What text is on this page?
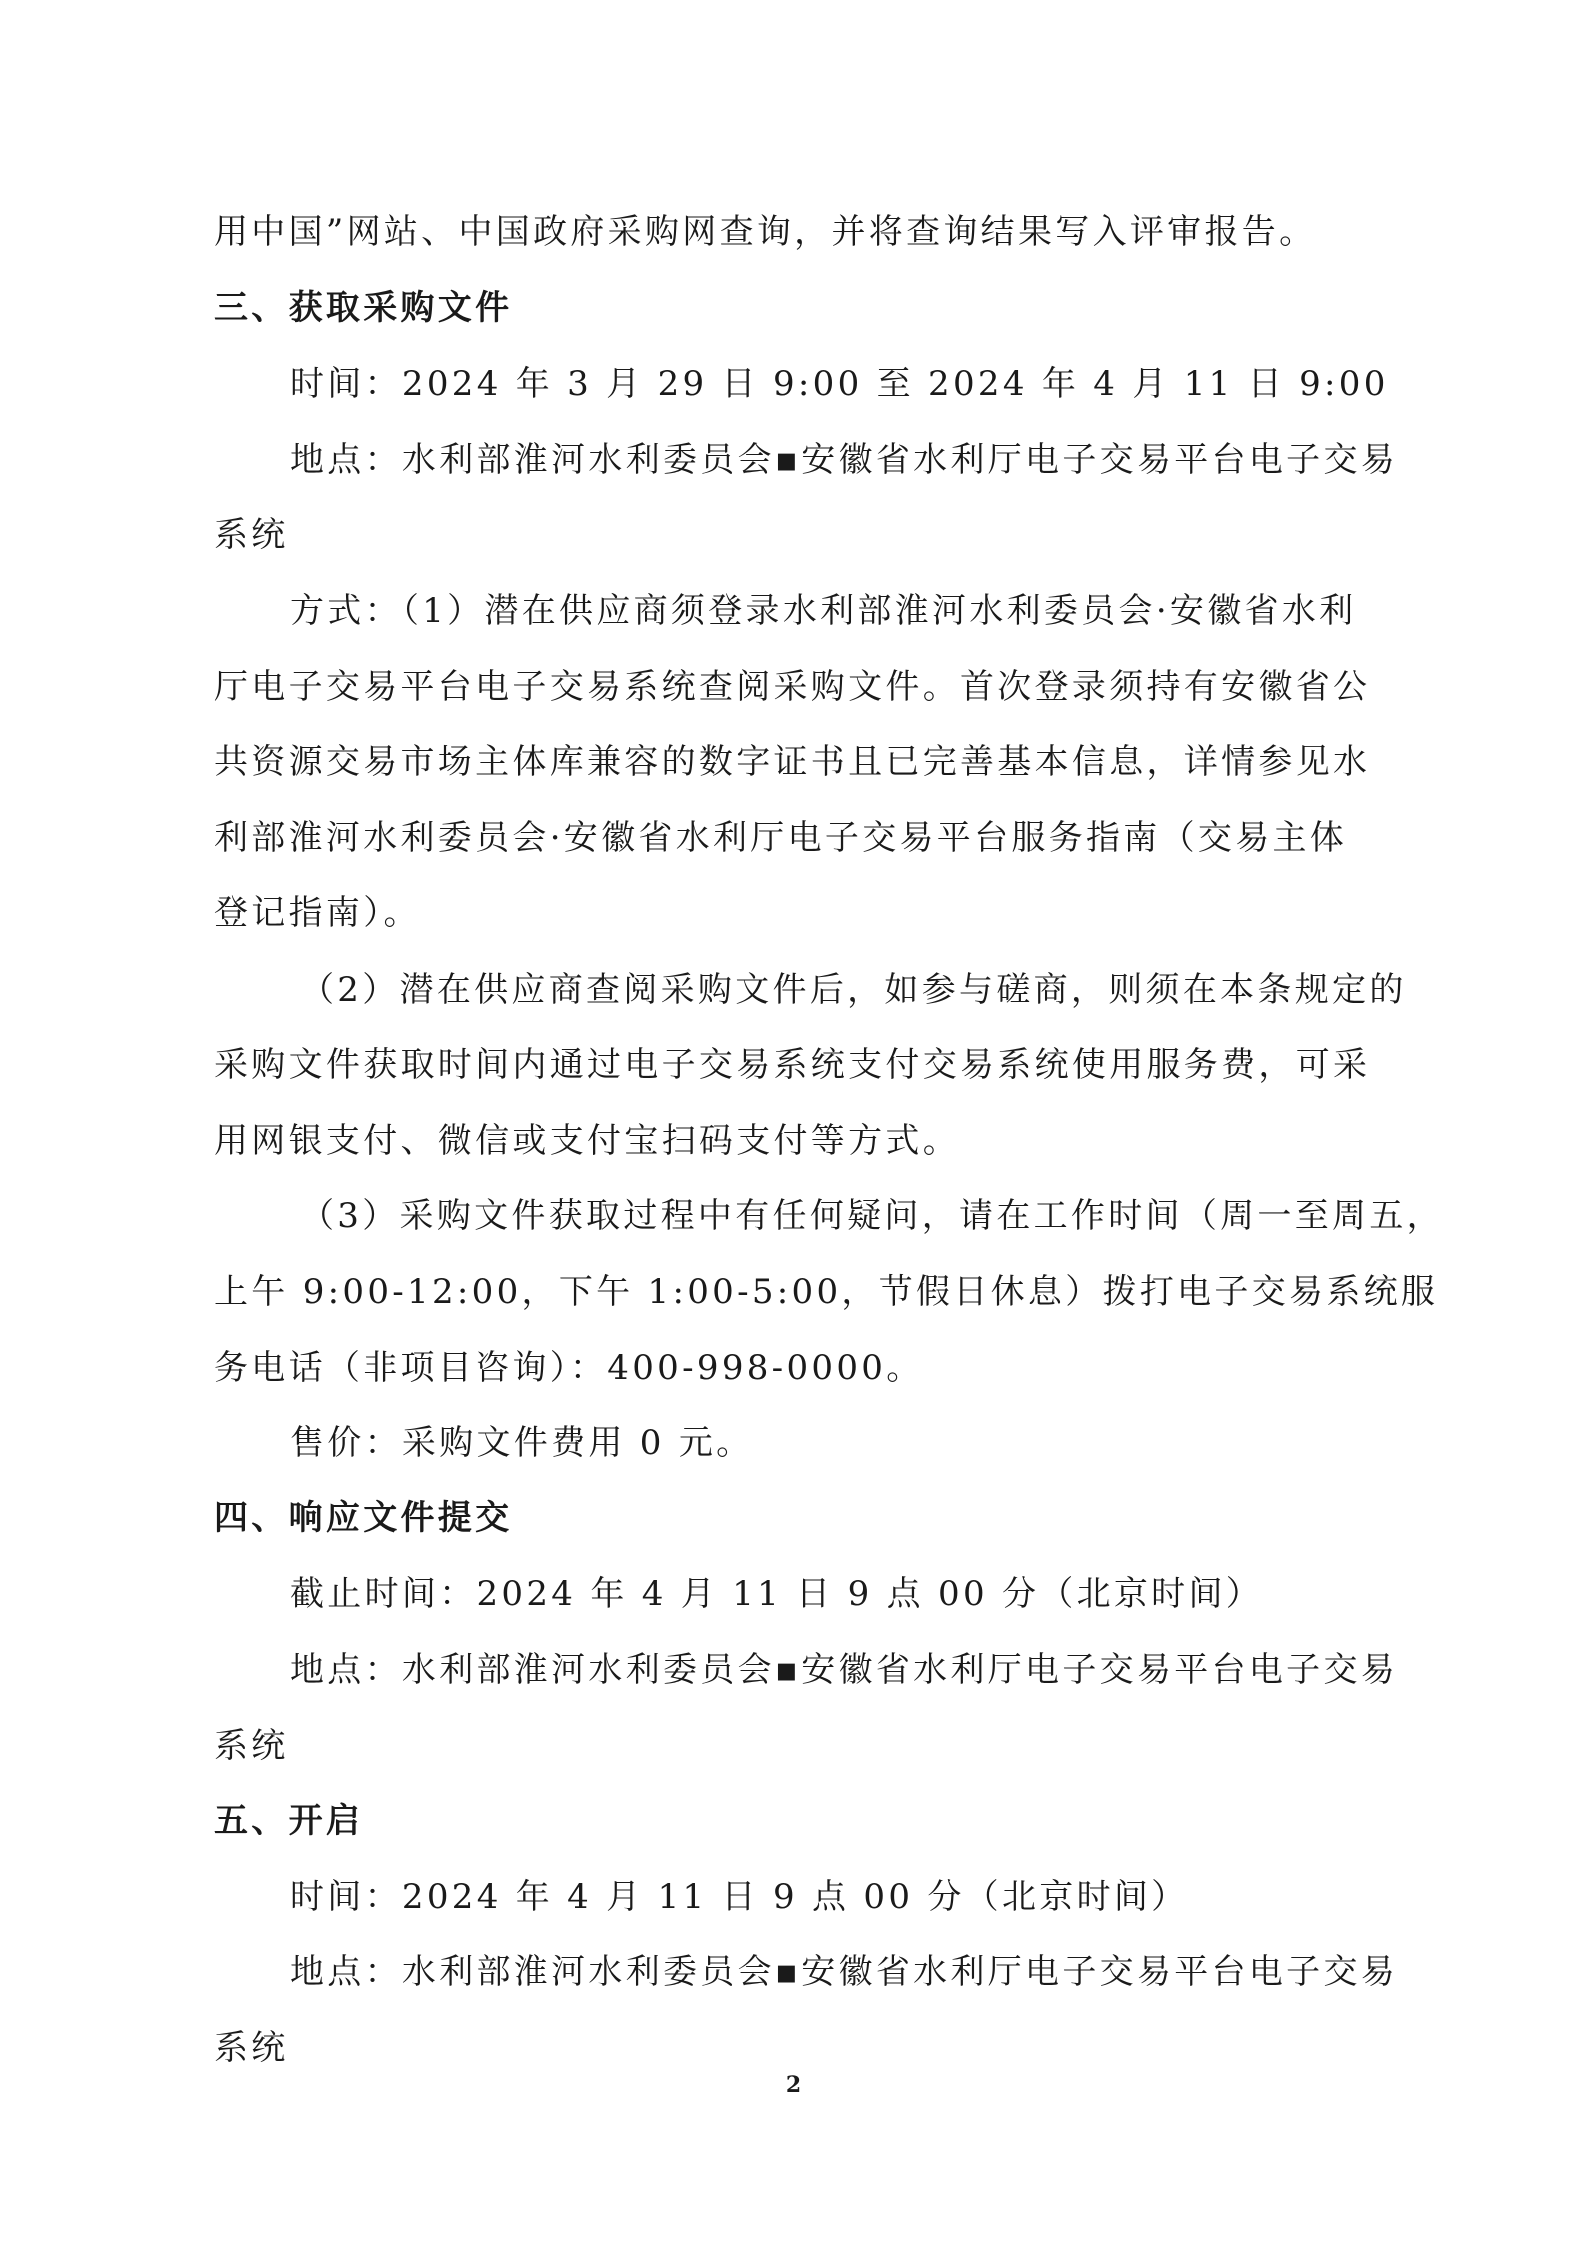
用中国”网站、中国政府采购网查询，并将查询结果写入评审报告。
三、获取采购文件
时间：2024 年 3 月 29 日 9:00 至 2024 年 4 月 11 日 9:00
地点：水利部淮河水利委员会▪安徽省水利厅电子交易平台电子交易
系统
方式：（1）潜在供应商须登录水利部淮河水利委员会·安徽省水利
厅电子交易平台电子交易系统查阅采购文件。首次登录须持有安徽省公
共资源交易市场主体库兼容的数字证书且已完善基本信息，详情参见水
利部淮河水利委员会·安徽省水利厅电子交易平台服务指南（交易主体
登记指南）。
（2）潜在供应商查阅采购文件后，如参与磋商，则须在本条规定的
采购文件获取时间内通过电子交易系统支付交易系统使用服务费，可采
用网银支付、微信或支付宝扫码支付等方式。
（3）采购文件获取过程中有任何疑问，请在工作时间（周一至周五，
上午 9:00-12:00，下午 1:00-5:00，节假日休息）拨打电子交易系统服
务电话（非项目咨询）：400-998-0000。
售价：采购文件费用 0 元。
四、响应文件提交
截止时间：2024 年 4 月 11 日 9 点 00 分（北京时间）
地点：水利部淮河水利委员会▪安徽省水利厅电子交易平台电子交易
系统
五、开启
时间：2024 年 4 月 11 日 9 点 00 分（北京时间）
地点：水利部淮河水利委员会▪安徽省水利厅电子交易平台电子交易
系统
2
